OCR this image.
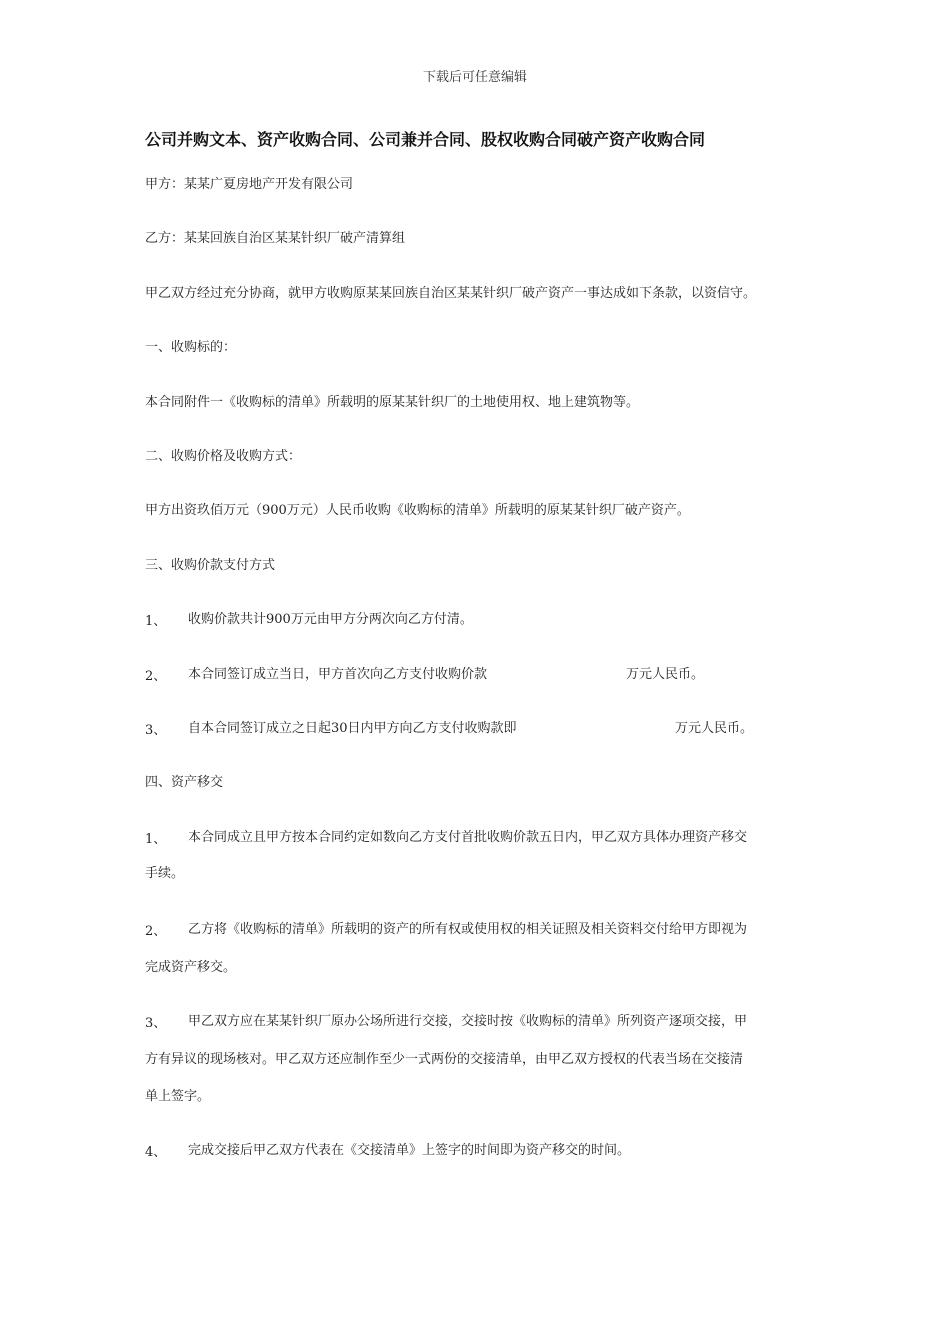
下载后可任意编辑
公司并购文本、资产收购合同、公司兼并合同、股权收购合同破产资产收购合同
甲方：某某广夏房地产开发有限公司
乙方：某某回族自治区某某针织厂破产清算组
甲乙双方经过充分协商，就甲方收购原某某回族自治区某某针织厂破产资产一事达成如下条款，以资信守。
一、收购标的：
本合同附件一《收购标的清单》所载明的原某某针织厂的土地使用权、地上建筑物等。
二、收购价格及收购方式：
甲方出资玖佰万元（900万元）人民币收购《收购标的清单》所载明的原某某针织厂破产资产。
三、收购价款支付方式
1、 收购价款共计900万元由甲方分两次向乙方付清。
2、 本合同签订成立当日，甲方首次向乙方支付收购价款	万元人民币。
3、 自本合同签订成立之日起30日内甲方向乙方支付收购款即	万元人民币。
四、资产移交
1、 本合同成立且甲方按本合同约定如数向乙方支付首批收购价款五日内，甲乙双方具体办理资产移交
手续。
2、 乙方将《收购标的清单》所载明的资产的所有权或使用权的相关证照及相关资料交付给甲方即视为
完成资产移交。
3、 甲乙双方应在某某针织厂原办公场所进行交接，交接时按《收购标的清单》所列资产逐项交接，甲
方有异议的现场核对。甲乙双方还应制作至少一式两份的交接清单，由甲乙双方授权的代表当场在交接清
单上签字。
4、 完成交接后甲乙双方代表在《交接清单》上签字的时间即为资产移交的时间。
